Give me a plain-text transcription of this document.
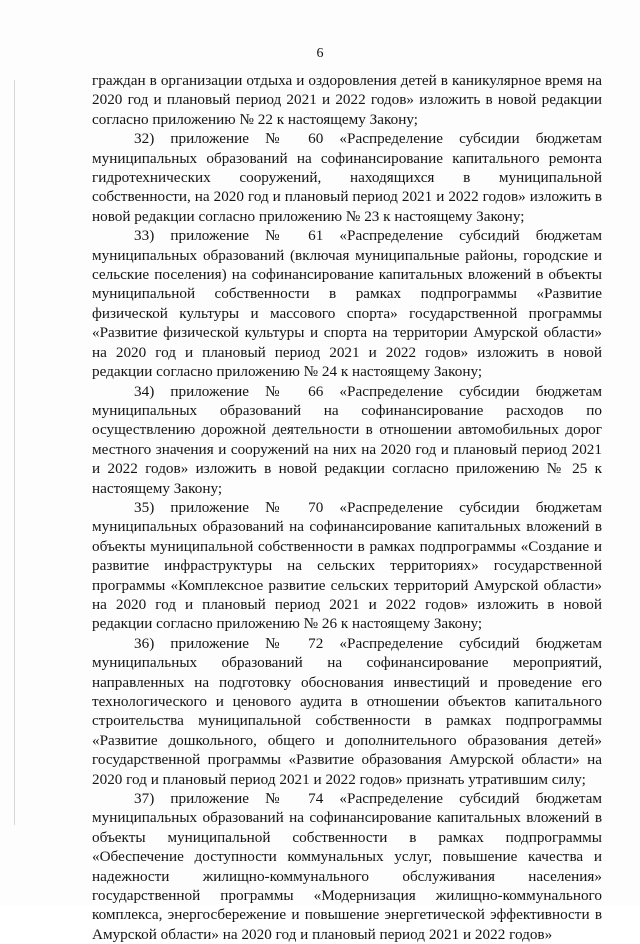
6

граждан в организации отдыха и оздоровления детей в каникулярное время на 2020 год и плановый период 2021 и 2022 годов» изложить в новой редакции согласно приложению № 22 к настоящему Закону;

32) приложение № 60 «Распределение субсидии бюджетам муниципальных образований на софинансирование капитального ремонта гидротехнических сооружений, находящихся в муниципальной собственности, на 2020 год и плановый период 2021 и 2022 годов» изложить в новой редакции согласно приложению № 23 к настоящему Закону;

33) приложение № 61 «Распределение субсидий бюджетам муниципальных образований (включая муниципальные районы, городские и сельские поселения) на софинансирование капитальных вложений в объекты муниципальной собственности в рамках подпрограммы «Развитие физической культуры и массового спорта» государственной программы «Развитие физической культуры и спорта на территории Амурской области» на 2020 год и плановый период 2021 и 2022 годов» изложить в новой редакции согласно приложению № 24 к настоящему Закону;

34) приложение № 66 «Распределение субсидии бюджетам муниципальных образований на софинансирование расходов по осуществлению дорожной деятельности в отношении автомобильных дорог местного значения и сооружений на них на 2020 год и плановый период 2021 и 2022 годов» изложить в новой редакции согласно приложению № 25 к настоящему Закону;

35) приложение № 70 «Распределение субсидии бюджетам муниципальных образований на софинансирование капитальных вложений в объекты муниципальной собственности в рамках подпрограммы «Создание и развитие инфраструктуры на сельских территориях» государственной программы «Комплексное развитие сельских территорий Амурской области» на 2020 год и плановый период 2021 и 2022 годов» изложить в новой редакции согласно приложению № 26 к настоящему Закону;

36) приложение № 72 «Распределение субсидий бюджетам муниципальных образований на софинансирование мероприятий, направленных на подготовку обоснования инвестиций и проведение его технологического и ценового аудита в отношении объектов капитального строительства муниципальной собственности в рамках подпрограммы «Развитие дошкольного, общего и дополнительного образования детей» государственной программы «Развитие образования Амурской области» на 2020 год и плановый период 2021 и 2022 годов» признать утратившим силу;

37) приложение № 74 «Распределение субсидий бюджетам муниципальных образований на софинансирование капитальных вложений в объекты муниципальной собственности в рамках подпрограммы «Обеспечение доступности коммунальных услуг, повышение качества и надежности жилищно-коммунального обслуживания населения» государственной программы «Модернизация жилищно-коммунального комплекса, энергосбережение и повышение энергетической эффективности в Амурской области» на 2020 год и плановый период 2021 и 2022 годов»
